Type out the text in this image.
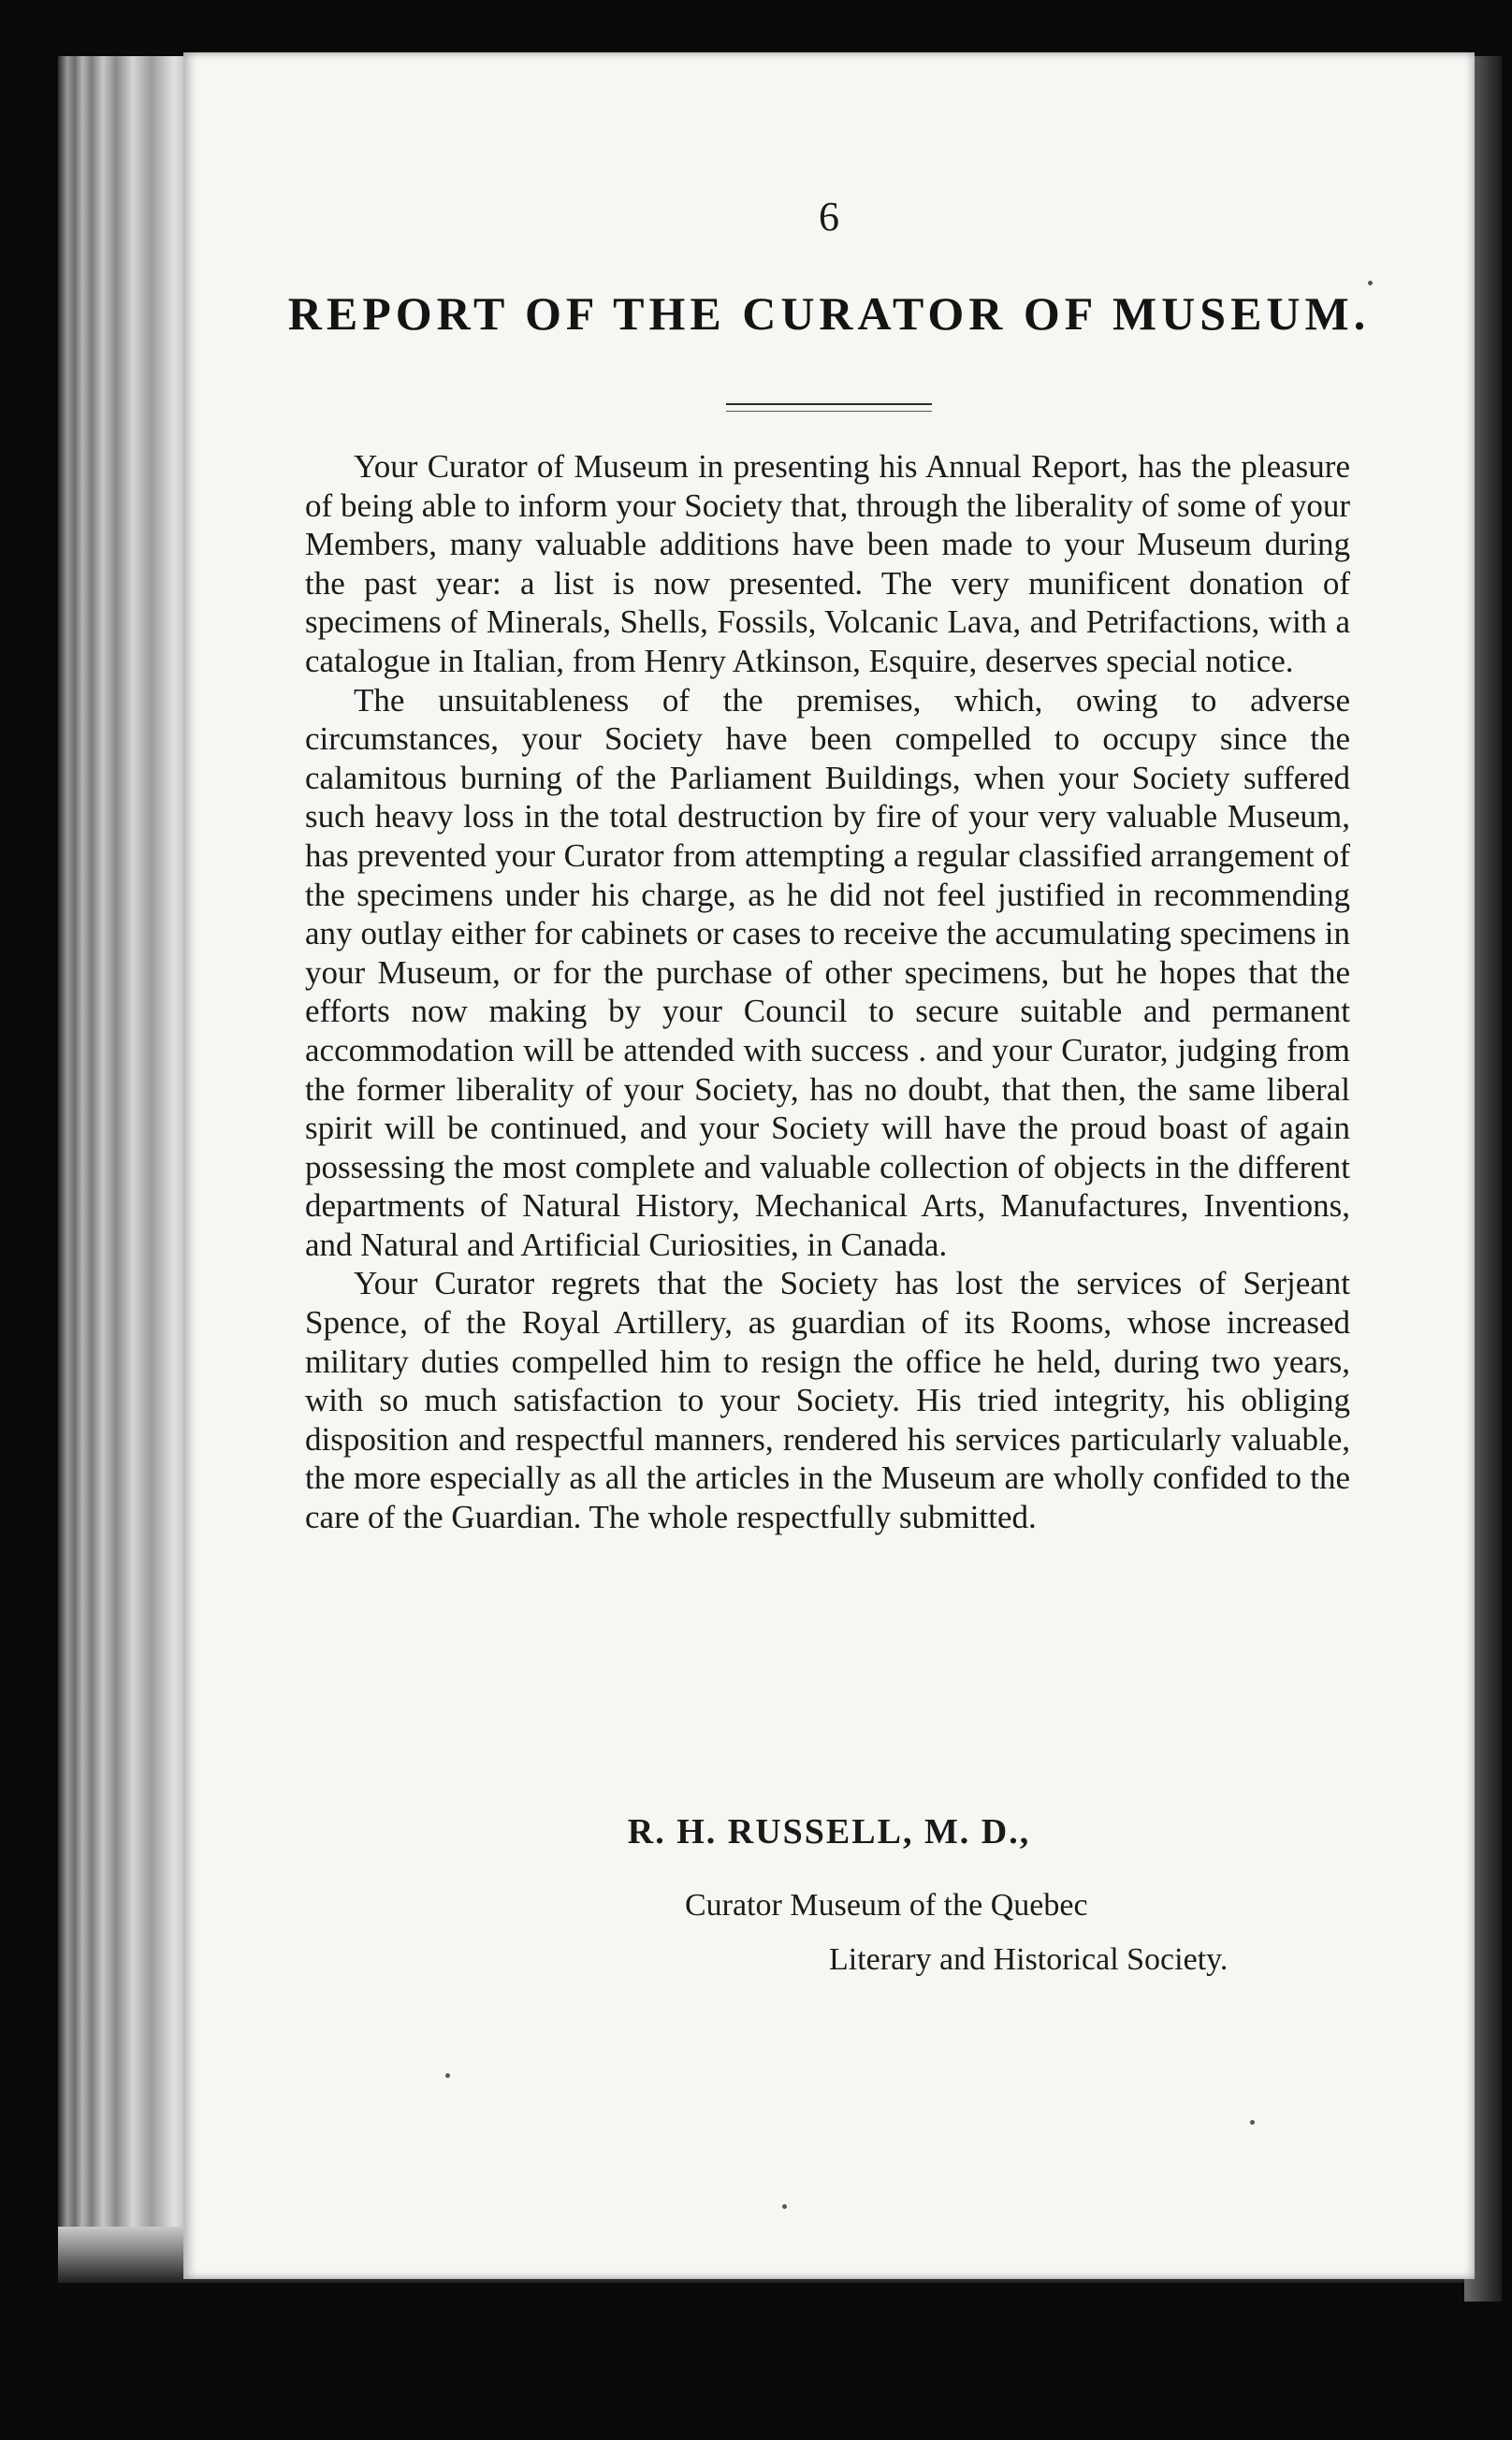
6
REPORT OF THE CURATOR OF MUSEUM.

Your Curator of Museum in presenting his Annual Report, has the pleasure of being able to inform your Society that, through the liberality of some of your Members, many valuable additions have been made to your Museum during the past year: a list is now presented. The very munificent donation of specimens of Minerals, Shells, Fossils, Volcanic Lava, and Petrifactions, with a catalogue in Italian, from Henry Atkinson, Esquire, deserves special notice.

The unsuitableness of the premises, which, owing to adverse circumstances, your Society have been compelled to occupy since the calamitous burning of the Parliament Buildings, when your Society suffered such heavy loss in the total destruction by fire of your very valuable Museum, has prevented your Curator from attempting a regular classified arrangement of the specimens under his charge, as he did not feel justified in recommending any outlay either for cabinets or cases to receive the accumulating specimens in your Museum, or for the purchase of other specimens, but he hopes that the efforts now making by your Council to secure suitable and permanent accommodation will be attended with success . and your Curator, judging from the former liberality of your Society, has no doubt, that then, the same liberal spirit will be continued, and your Society will have the proud boast of again possessing the most complete and valuable collection of objects in the different departments of Natural History, Mechanical Arts, Manufactures, Inventions, and Natural and Artificial Curiosities, in Canada.

Your Curator regrets that the Society has lost the services of Serjeant Spence, of the Royal Artillery, as guardian of its Rooms, whose increased military duties compelled him to resign the office he held, during two years, with so much satisfaction to your Society. His tried integrity, his obliging disposition and respectful manners, rendered his services particularly valuable, the more especially as all the articles in the Museum are wholly confided to the care of the Guardian. The whole respectfully submitted.

R. H. RUSSELL, M. D.,
Curator Museum of the Quebec
Literary and Historical Society.
